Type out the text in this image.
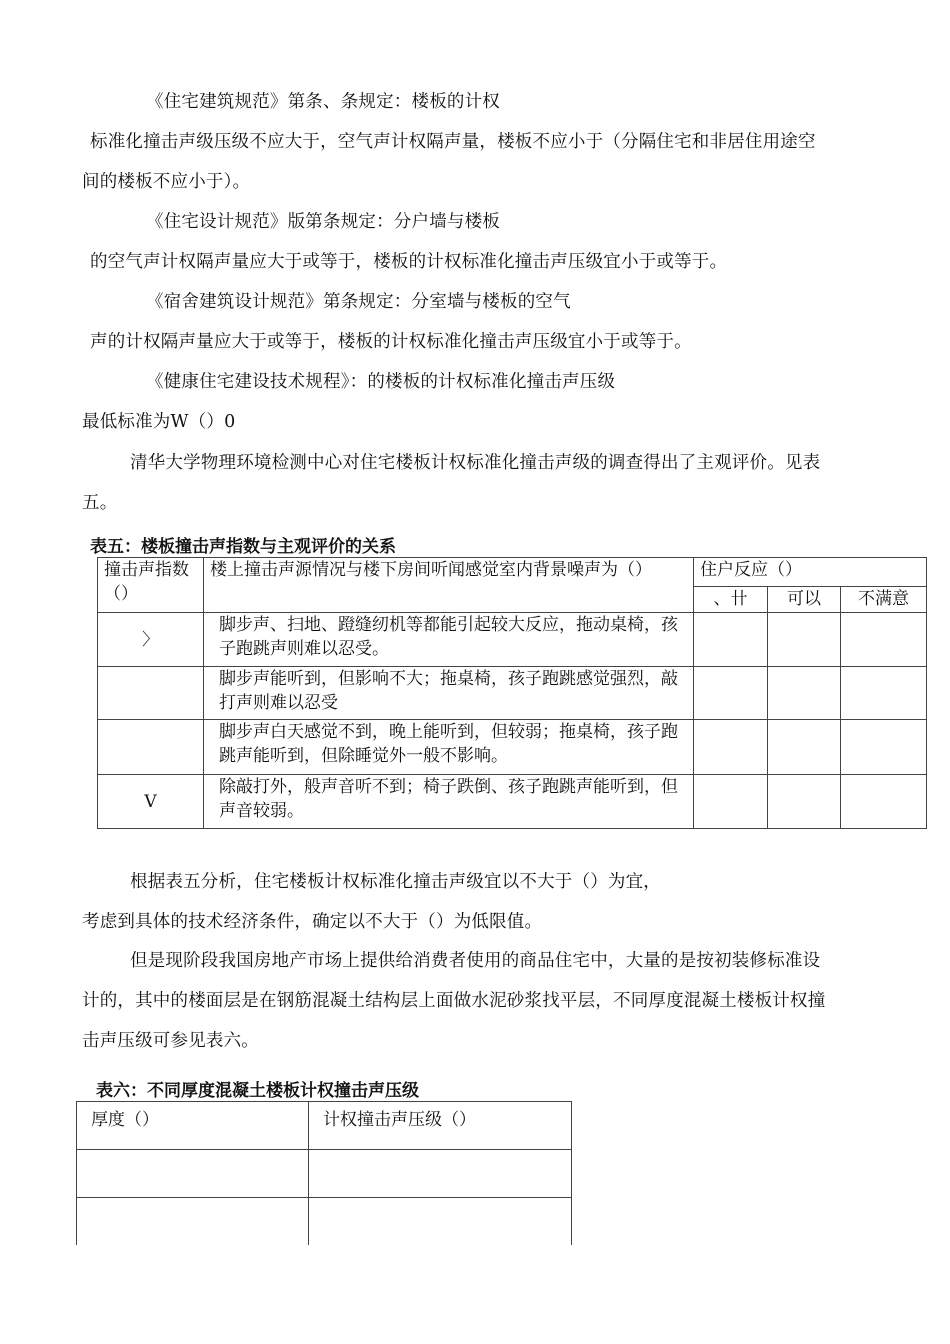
《住宅建筑规范》第条、条规定：楼板的计权
标准化撞击声级压级不应大于，空气声计权隔声量，楼板不应小于（分隔住宅和非居住用途空
间的楼板不应小于）。
《住宅设计规范》版第条规定：分户墙与楼板
的空气声计权隔声量应大于或等于，楼板的计权标准化撞击声压级宜小于或等于。
《宿舍建筑设计规范》第条规定：分室墙与楼板的空气
声的计权隔声量应大于或等于，楼板的计权标准化撞击声压级宜小于或等于。
《健康住宅建设技术规程》：的楼板的计权标准化撞击声压级
最低标准为W（）0
清华大学物理环境检测中心对住宅楼板计权标准化撞击声级的调查得出了主观评价。见表
五。
表五：楼板撞击声指数与主观评价的关系
撞击声指数（）	楼上撞击声源情况与楼下房间听闻感觉室内背景噪声为（）	住户反应（）		
		、卄	可以	不满意
〉	脚步声、扫地、蹬缝纫机等都能引起较大反应，拖动桌椅，孩子跑跳声则难以忍受。			
	脚步声能听到，但影响不大；拖桌椅，孩子跑跳感觉强烈，敲打声则难以忍受			
	脚步声白天感觉不到，晚上能听到，但较弱；拖桌椅，孩子跑跳声能听到，但除睡觉外一般不影响。			
V	除敲打外，般声音听不到；椅子跌倒、孩子跑跳声能听到，但声音较弱。			
根据表五分析，住宅楼板计权标准化撞击声级宜以不大于（）为宜，
考虑到具体的技术经济条件，确定以不大于（）为低限值。
但是现阶段我国房地产市场上提供给消费者使用的商品住宅中，大量的是按初装修标准设
计的，其中的楼面层是在钢筋混凝土结构层上面做水泥砂浆找平层，不同厚度混凝土楼板计权撞
击声压级可参见表六。
表六：不同厚度混凝土楼板计权撞击声压级
厚度（）	计权撞击声压级（）
